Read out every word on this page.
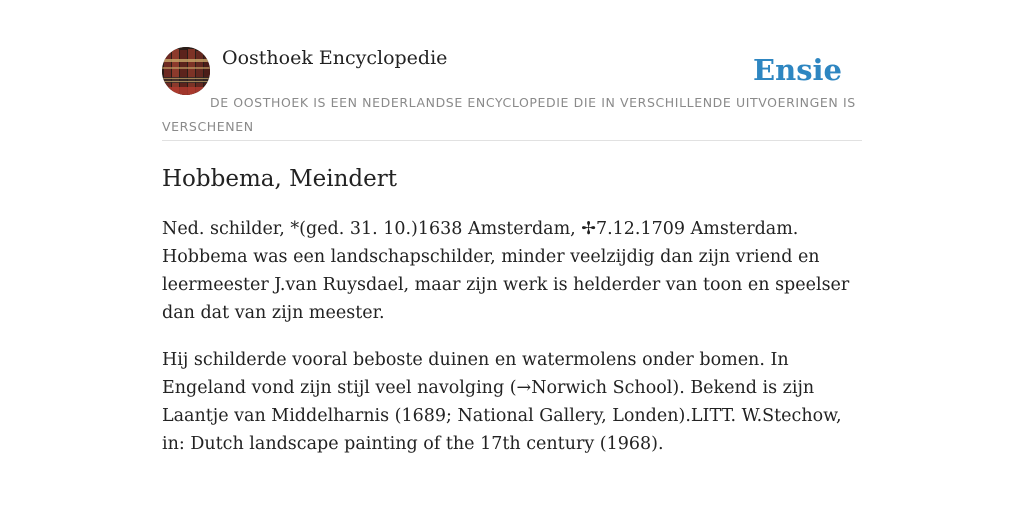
Oosthoek Encyclopedie	Ensie
DE OOSTHOEK IS EEN NEDERLANDSE ENCYCLOPEDIE DIE IN VERSCHILLENDE UITVOERINGEN IS VERSCHENEN
Hobbema, Meindert

Ned. schilder, *(ged. 31. 10.)1638 Amsterdam, ✢7.12.1709 Amsterdam. Hobbema was een landschapschilder, minder veelzijdig dan zijn vriend en leermeester J.van Ruysdael, maar zijn werk is helderder van toon en speelser dan dat van zijn meester.

Hij schilderde vooral beboste duinen en watermolens onder bomen. In Engeland vond zijn stijl veel navolging (→Norwich School). Bekend is zijn Laantje van Middelharnis (1689; National Gallery, Londen).LITT. W.Stechow, in: Dutch landscape painting of the 17th century (1968).
